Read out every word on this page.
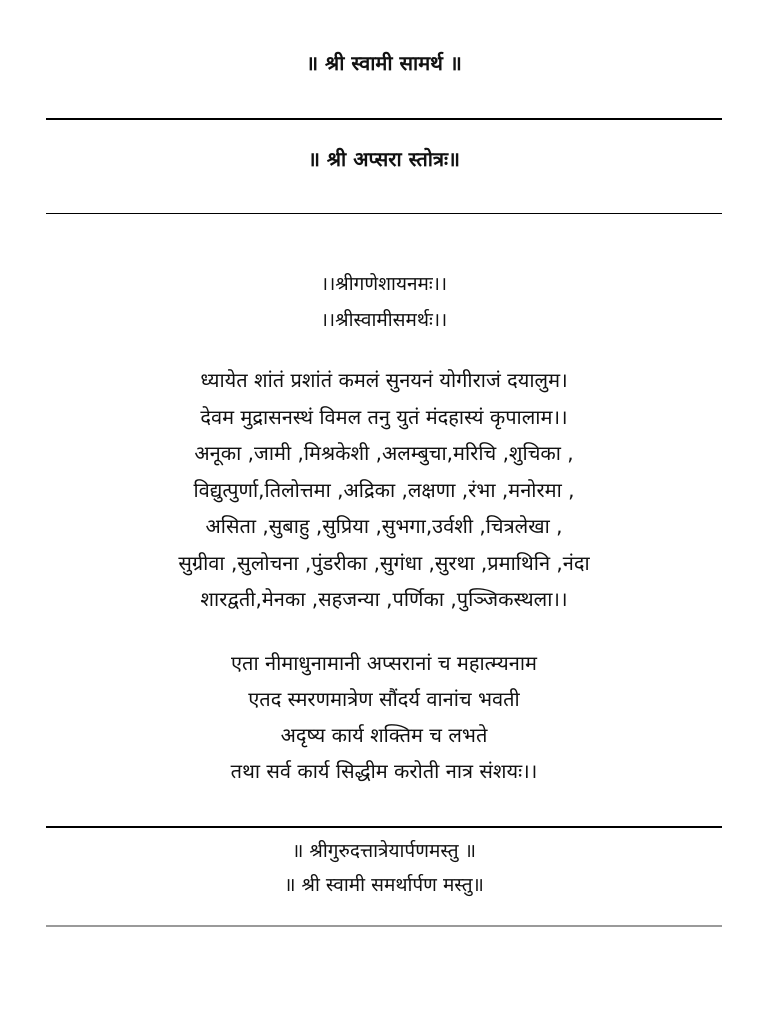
॥ श्री स्वामी सामर्थ ॥
॥ श्री अप्सरा स्तोत्रः॥
।।श्रीगणेशायनमः।।
।।श्रीस्वामीसमर्थः।।
ध्यायेत शांतं प्रशांतं कमलं सुनयनं योगीराजं दयालुम।
देवम मुद्रासनस्थं विमल तनु युतं मंदहास्यं कृपालाम।।
अनूका ,जामी ,मिश्रकेशी ,अलम्बुचा,मरिचि ,शुचिका ,
विद्युत्पुर्णा,तिलोत्तमा ,अद्रिका ,लक्षणा ,रंभा ,मनोरमा ,
असिता ,सुबाहु ,सुप्रिया ,सुभगा,उर्वशी ,चित्रलेखा ,
सुग्रीवा ,सुलोचना ,पुंडरीका ,सुगंधा ,सुरथा ,प्रमाथिनि ,नंदा
शारद्वती,मेनका ,सहजन्या ,पर्णिका ,पुञ्जिकस्थला।।
एता नीमाधुनामानी अप्सरानां च महात्म्यनाम
एतद स्मरणमात्रेण सौंदर्य वानांच भवती
अदृष्य कार्य शक्तिम च लभते
तथा सर्व कार्य सिद्धीम करोती नात्र संशयः।।
॥ श्रीगुरुदत्तात्रेयार्पणमस्तु ॥
॥ श्री स्वामी समर्थार्पण मस्तु॥
